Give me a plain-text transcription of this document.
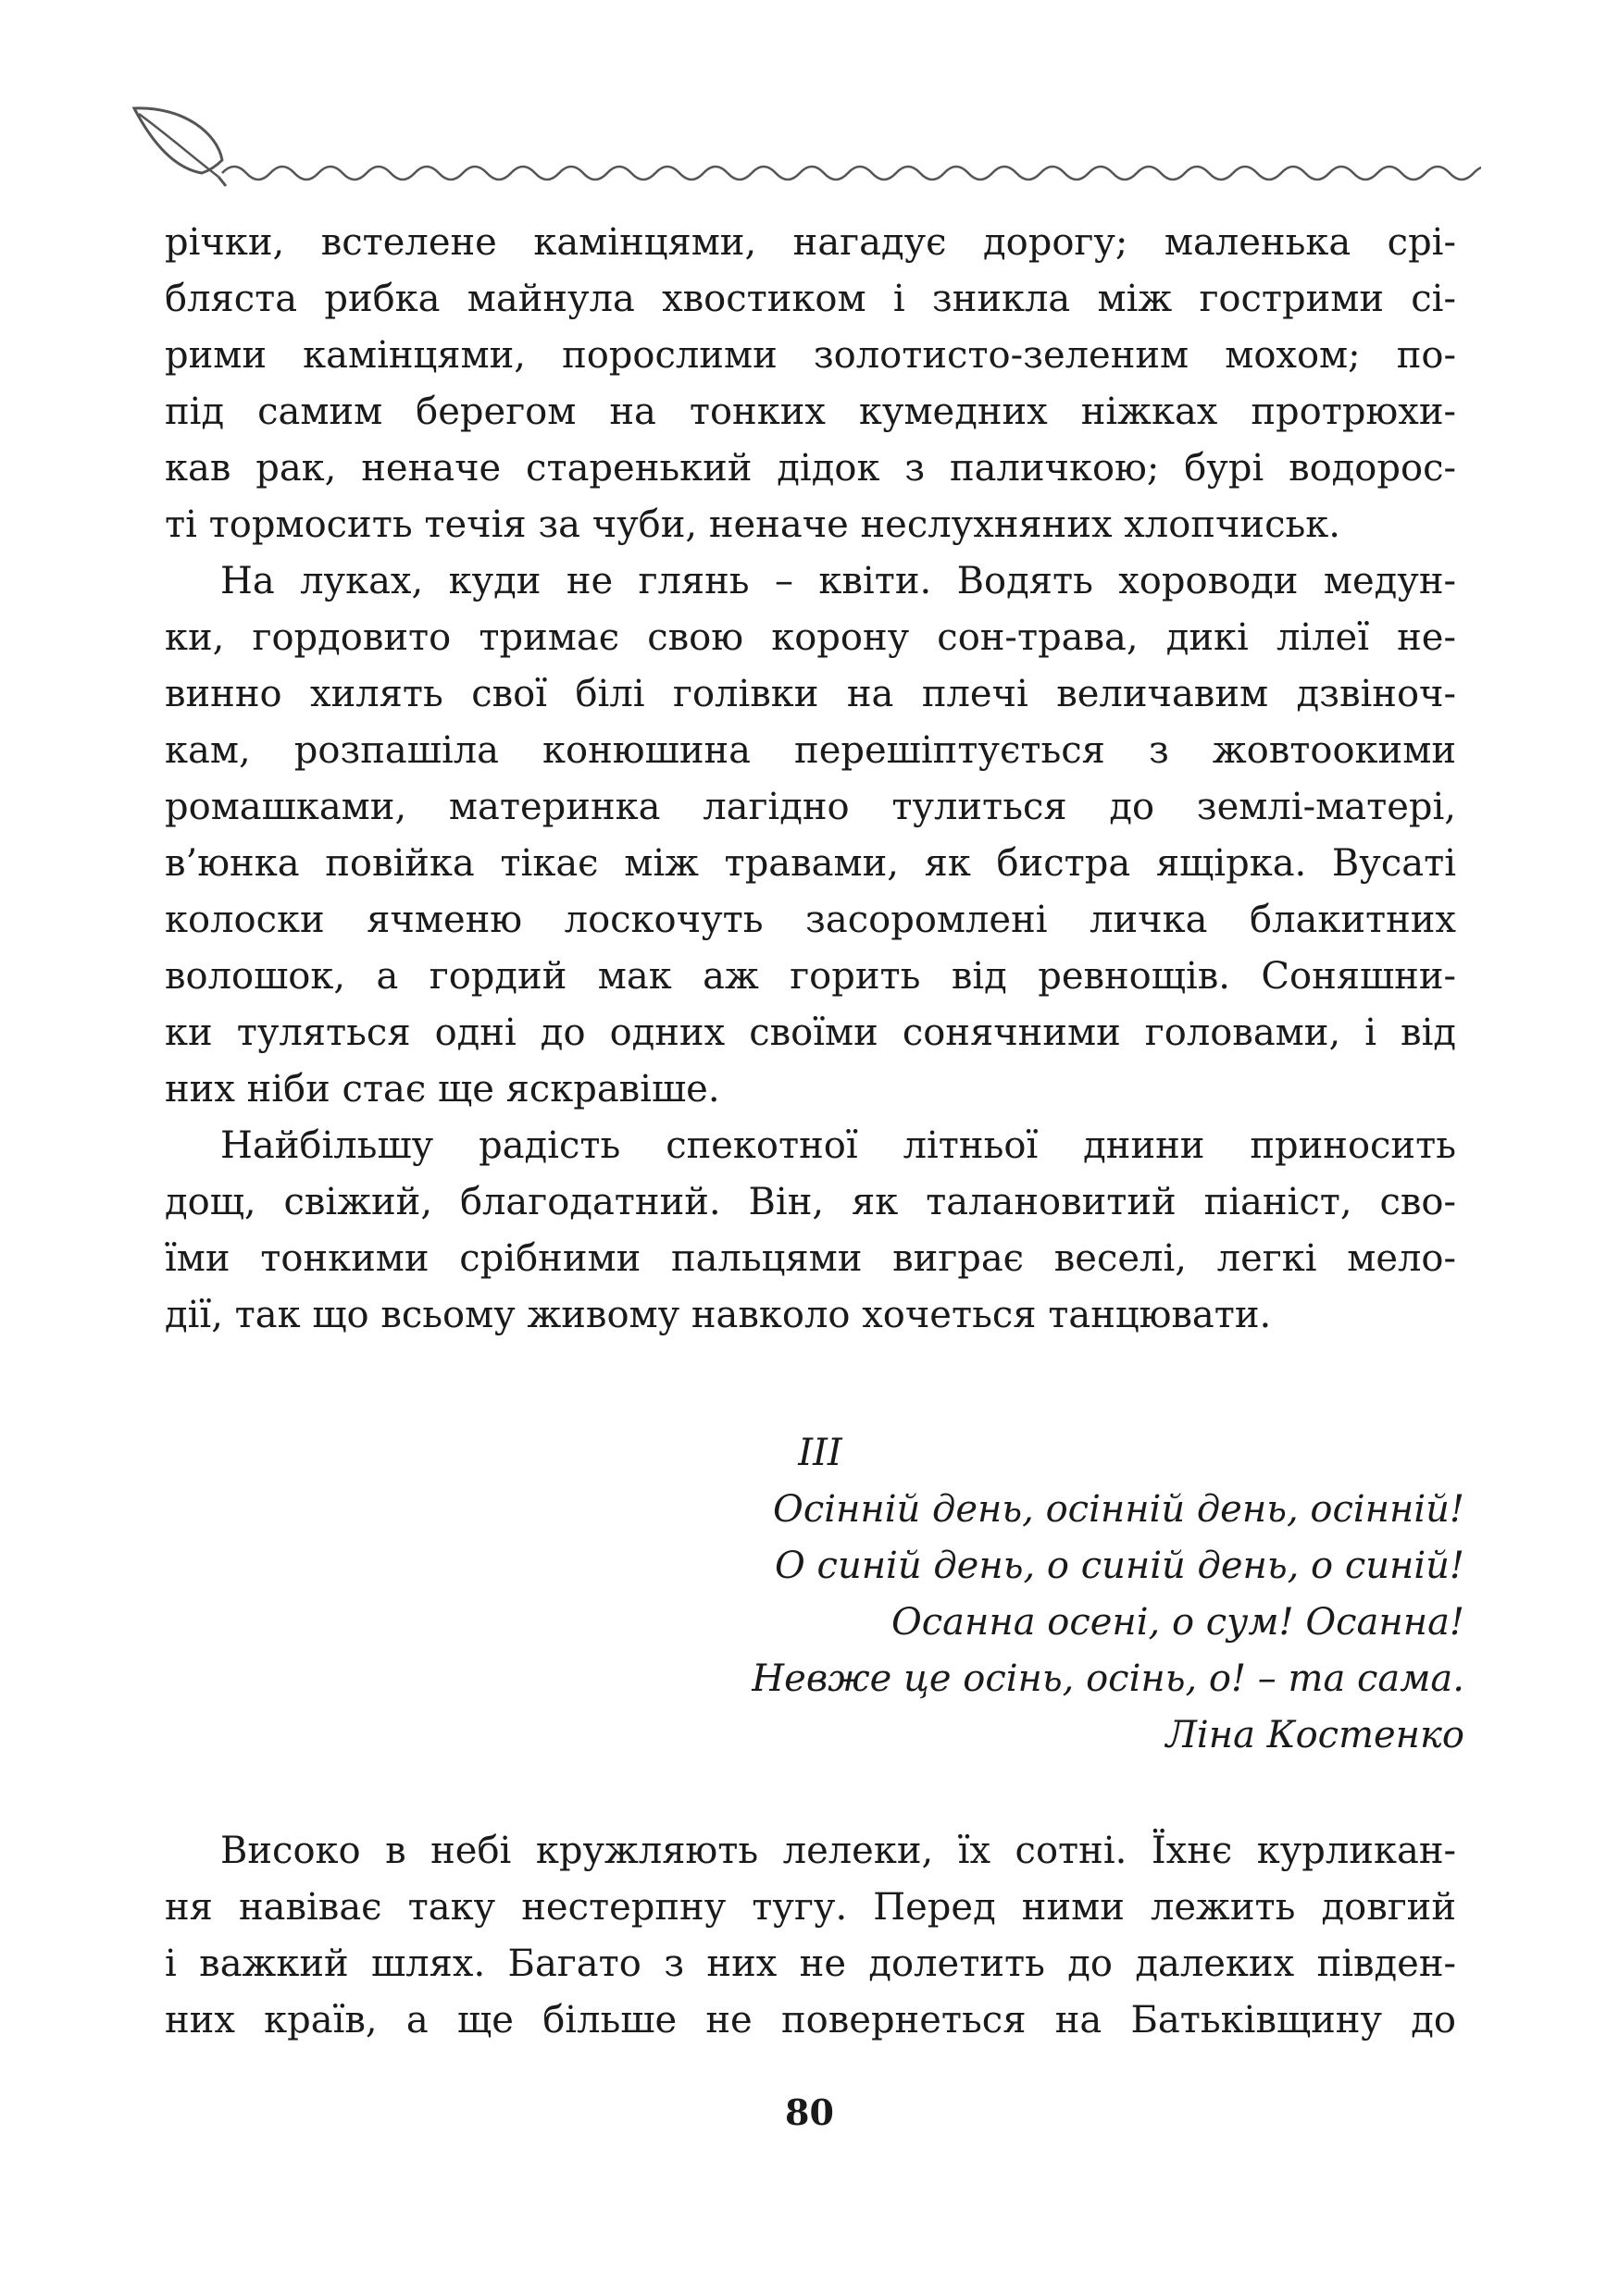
річки, встелене камінцями, нагадує дорогу; маленька срі-
бляста рибка майнула хвостиком і зникла між гострими сі-
рими камінцями, порослими золотисто-зеленим мохом; по-
під самим берегом на тонких кумедних ніжках протрюхи-
кав рак, неначе старенький дідок з паличкою; бурі водорос-
ті тормосить течія за чуби, неначе неслухняних хлопчиськ.
На луках, куди не глянь – квіти. Водять хороводи медун-
ки, гордовито тримає свою корону сон-трава, дикі лілеї не-
винно хилять свої білі голівки на плечі величавим дзвіноч-
кам, розпашіла конюшина перешіптується з жовтоокими
ромашками, материнка лагідно тулиться до землі-матері,
в’юнка повійка тікає між травами, як бистра ящірка. Вусаті
колоски ячменю лоскочуть засоромлені личка блакитних
волошок, а гордий мак аж горить від ревнощів. Соняшни-
ки туляться одні до одних своїми сонячними головами, і від
них ніби стає ще яскравіше.
Найбільшу радість спекотної літньої днини приносить
дощ, свіжий, благодатний. Він, як талановитий піаніст, сво-
їми тонкими срібними пальцями виграє веселі, легкі мело-
дії, так що всьому живому навколо хочеться танцювати.
ІІІ
Осінній день, осінній день, осінній!
О синій день, о синій день, о синій!
Осанна осені, о сум! Осанна!
Невже це осінь, осінь, о! – та сама.
Ліна Костенко
Високо в небі кружляють лелеки, їх сотні. Їхнє курликан-
ня навіває таку нестерпну тугу. Перед ними лежить довгий
і важкий шлях. Багато з них не долетить до далеких півден-
них країв, а ще більше не повернеться на Батьківщину до
80
